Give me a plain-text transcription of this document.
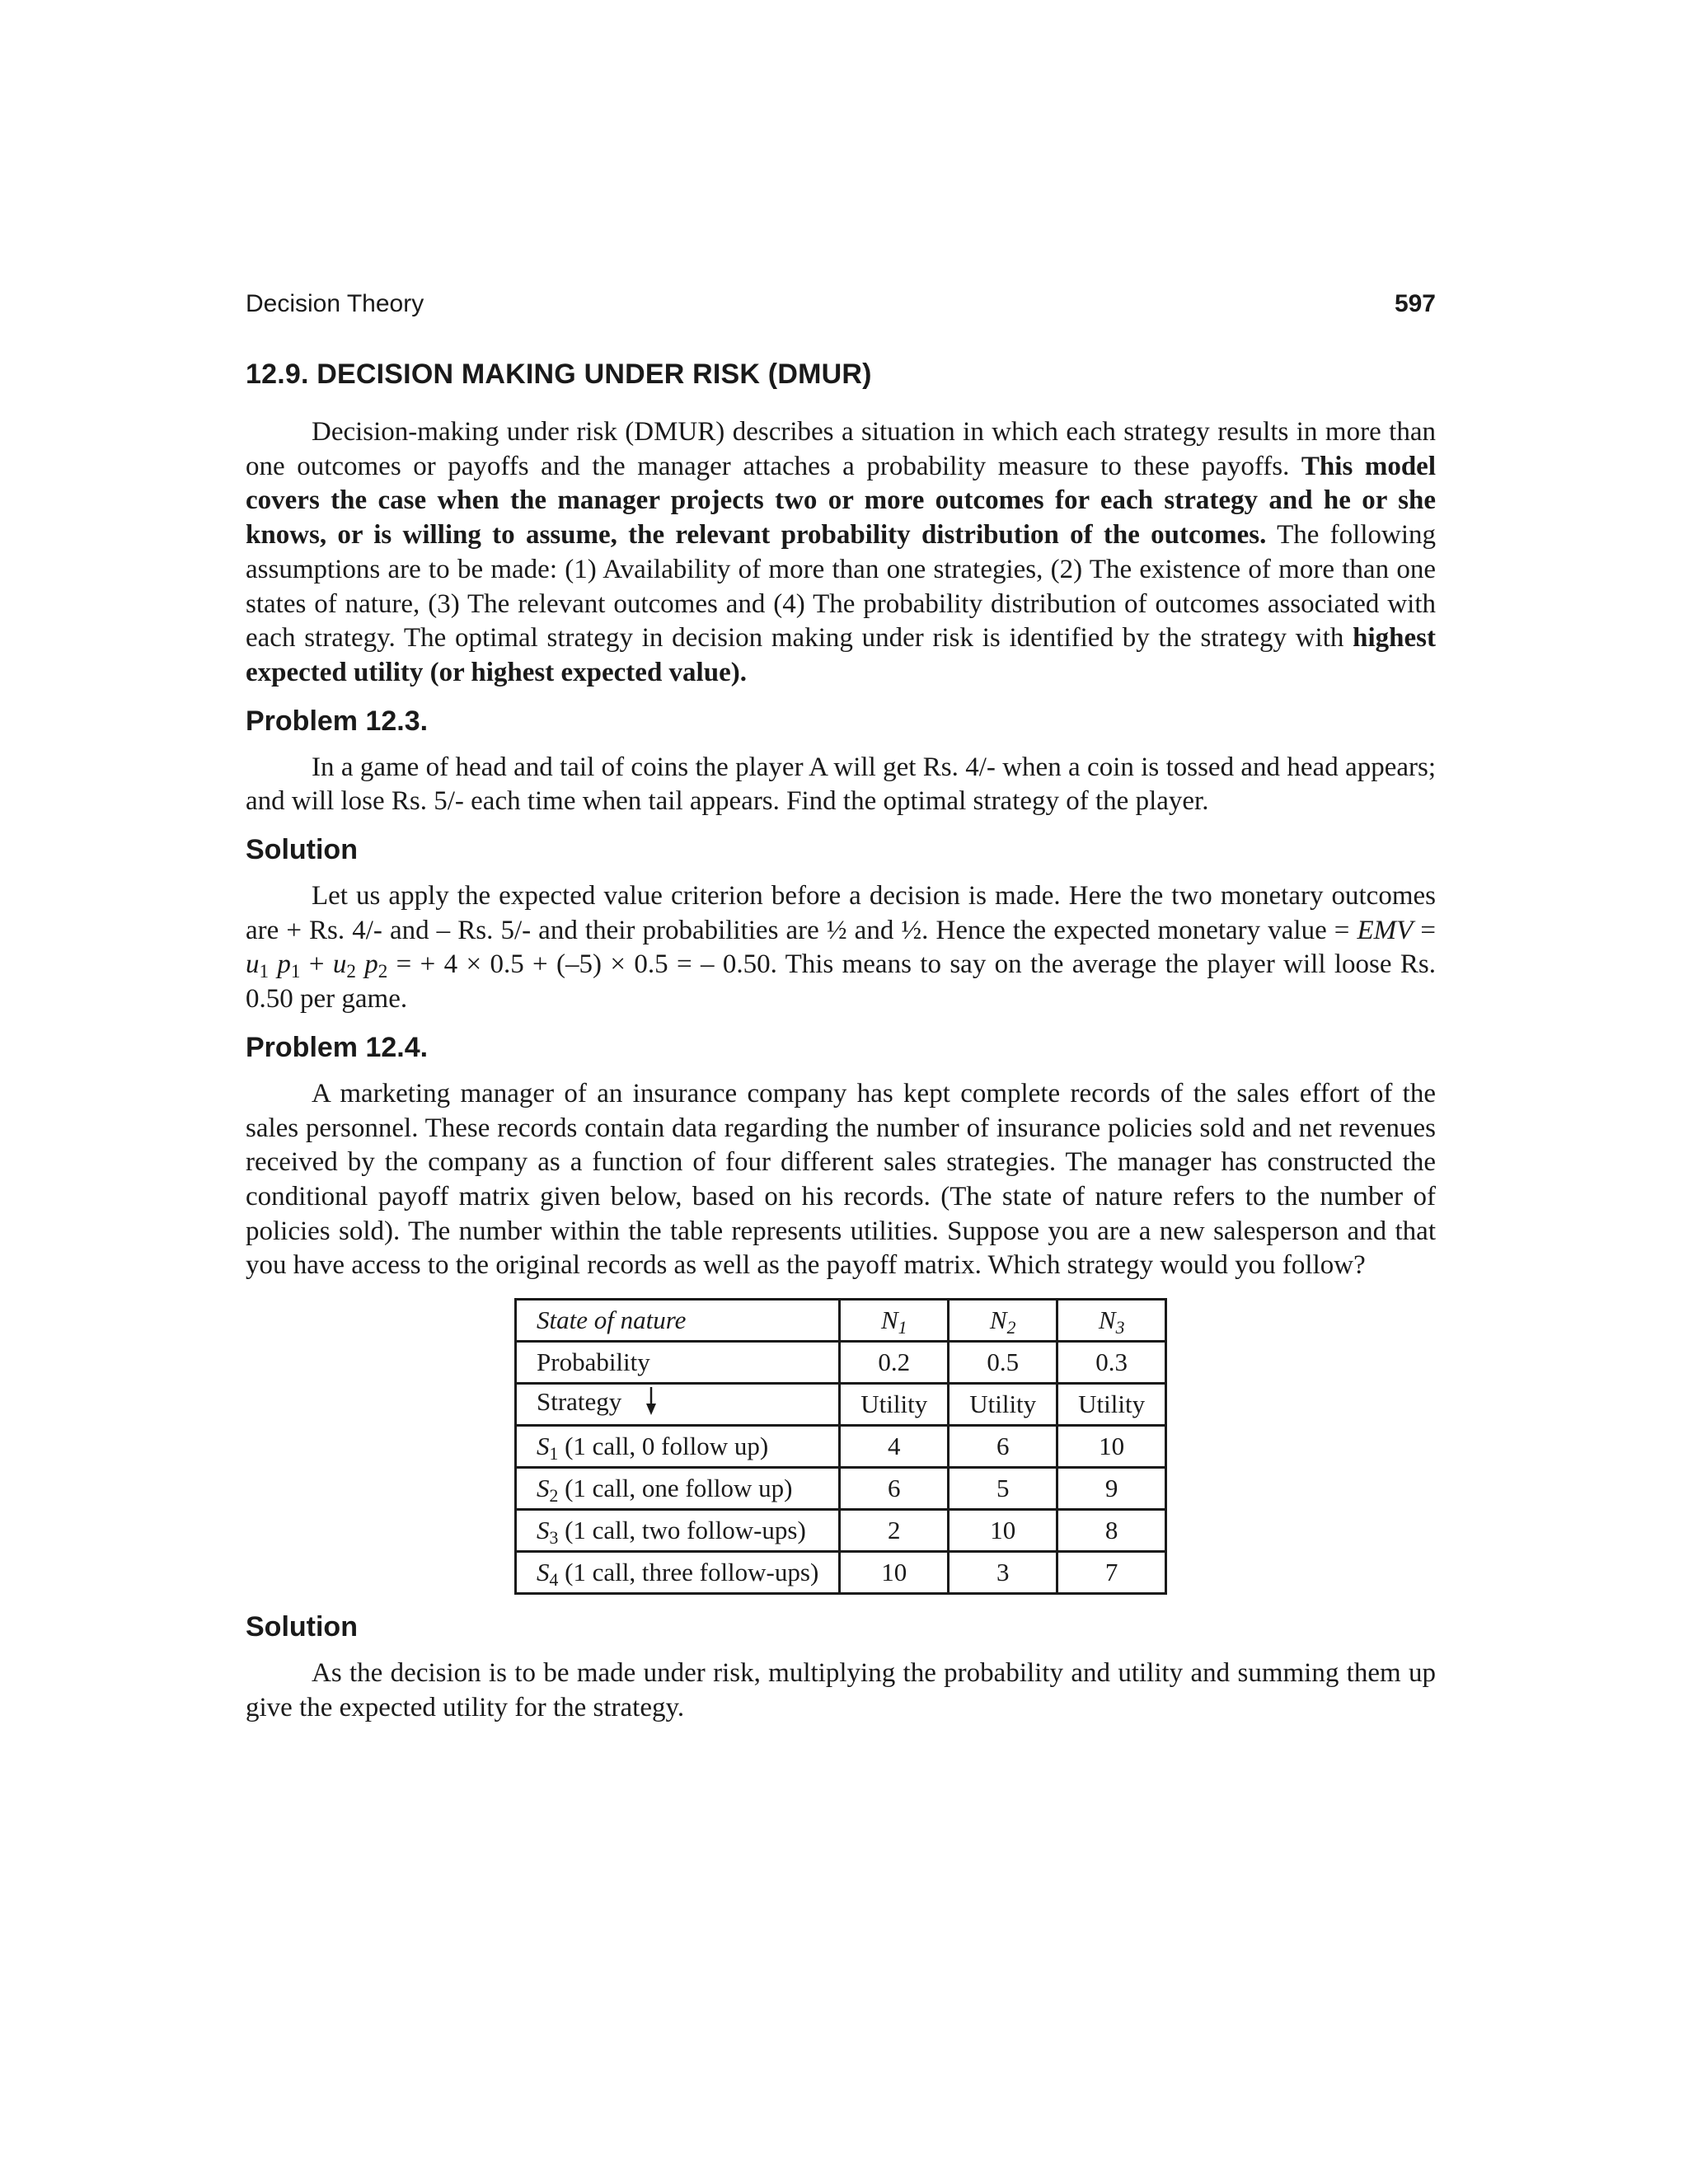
Decision Theory	597
12.9. DECISION MAKING UNDER RISK (DMUR)

Decision-making under risk (DMUR) describes a situation in which each strategy results in more than one outcomes or payoffs and the manager attaches a probability measure to these payoffs. This model covers the case when the manager projects two or more outcomes for each strategy and he or she knows, or is willing to assume, the relevant probability distribution of the outcomes. The following assumptions are to be made: (1) Availability of more than one strategies, (2) The existence of more than one states of nature, (3) The relevant outcomes and (4) The probability distribution of outcomes associated with each strategy. The optimal strategy in decision making under risk is identified by the strategy with highest expected utility (or highest expected value).

Problem 12.3.

In a game of head and tail of coins the player A will get Rs. 4/- when a coin is tossed and head appears; and will lose Rs. 5/- each time when tail appears. Find the optimal strategy of the player.

Solution

Let us apply the expected value criterion before a decision is made. Here the two monetary outcomes are + Rs. 4/- and – Rs. 5/- and their probabilities are ½ and ½. Hence the expected monetary value = EMV = $u_1$ $p_1 + u_2$ $p_2$ = + 4 × 0.5 + (–5) × 0.5 = – 0.50. This means to say on the average the player will loose Rs. 0.50 per game.

Problem 12.4.

A marketing manager of an insurance company has kept complete records of the sales effort of the sales personnel. These records contain data regarding the number of insurance policies sold and net revenues received by the company as a function of four different sales strategies. The manager has constructed the conditional payoff matrix given below, based on his records. (The state of nature refers to the number of policies sold). The number within the table represents utilities. Suppose you are a new salesperson and that you have access to the original records as well as the payoff matrix. Which strategy would you follow?

State of nature	$N_1$	$N_2$	$N_3$
Probability	0.2	0.5	0.3
Strategy	Utility	Utility	Utility
$S_1$ (1 call, 0 follow up)	4	6	10
$S_2$ (1 call, one follow up)	6	5	9
$S_3$ (1 call, two follow-ups)	2	10	8
$S_4$ (1 call, three follow-ups)	10	3	7
Solution

As the decision is to be made under risk, multiplying the probability and utility and summing them up give the expected utility for the strategy.
